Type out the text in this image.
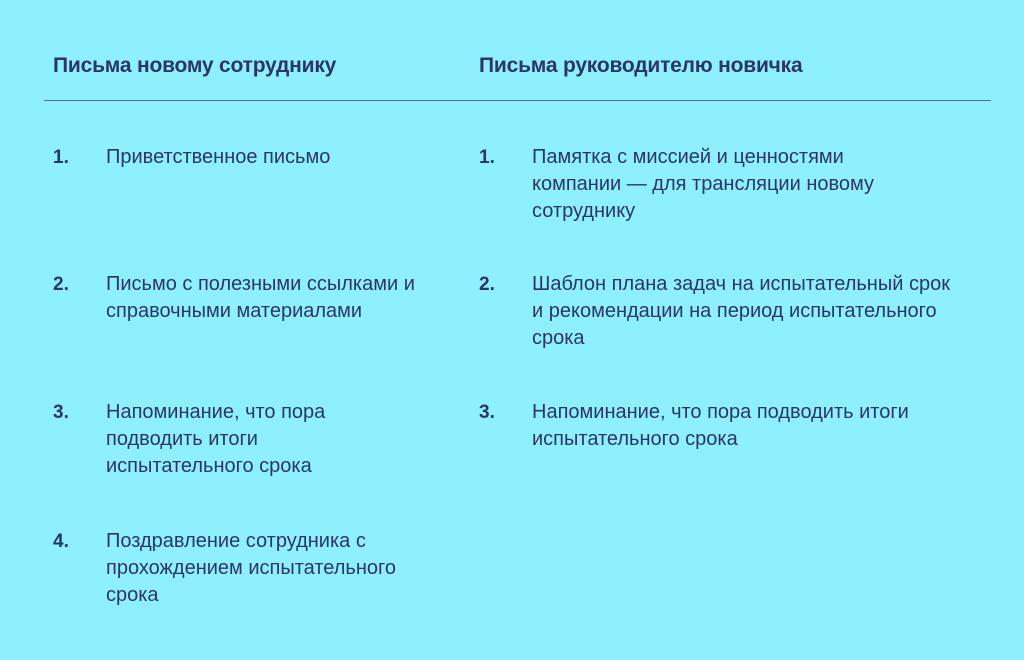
Письма новому сотруднику	Письма руководителю новичка
1. Приветственное письмо
2. Письмо с полезными ссылками и справочными материалами
3. Напоминание, что пора подводить итоги испытательного срока
4. Поздравление сотрудника с прохождением испытательного срока
1. Памятка с миссией и ценностями компании — для трансляции новому сотруднику
2. Шаблон плана задач на испытательный срок и рекомендации на период испытательного срока
3. Напоминание, что пора подводить итоги испытательного срока
